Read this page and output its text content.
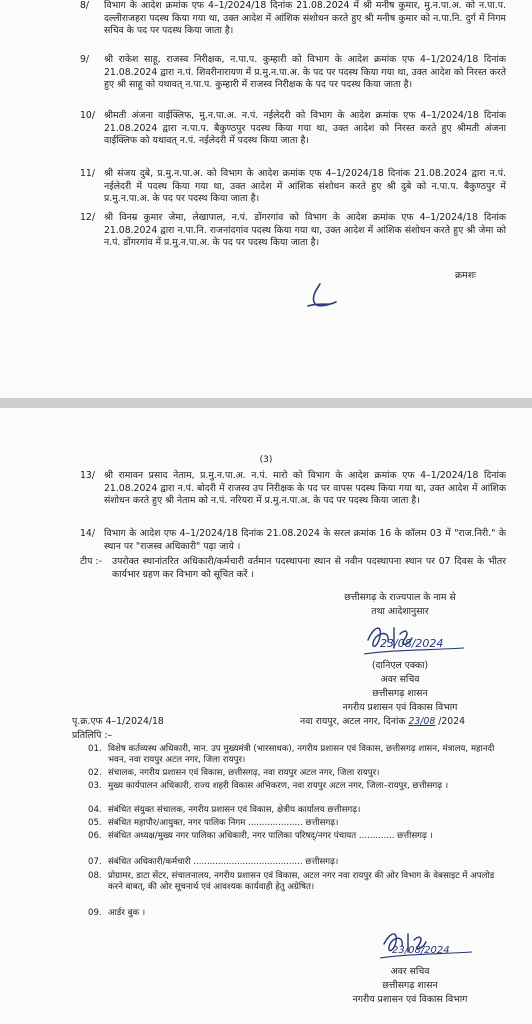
8/ विभाग के आदेश क्रमांक एफ 4–1/2024/18 दिनांक 21.08.2024 में श्री मनीष कुमार, मु.न.पा.अ. को न.पा.प. दल्लीराजहरा पदस्थ किया गया था, उक्त आदेश में आंशिक संशोधन करते हुए श्री मनीष कुमार को न.पा.नि. दुर्ग में निगम सचिव के पद पर पदस्थ किया जाता है।
9/ श्री राकेश साहू, राजस्व निरीक्षक, न.पा.प. कुम्हारी को विभाग के आदेश क्रमांक एफ 4–1/2024/18 दिनांक 21.08.2024 द्वारा न.पं. शिवरीनारायण में प्र.मु.न.पा.अ. के पद पर पदस्थ किया गया था, उक्त आदेश को निरस्त करते हुए श्री साहू को यथावत् न.पा.प. कुम्हारी में राजस्व निरीक्षक के पद पर पदस्थ किया जाता है।
10/ श्रीमती अंजना वाईक्लिफ, मु.न.पा.अ. न.पं. नईलेदरी को विभाग के आदेश क्रमांक एफ 4–1/2024/18 दिनांक 21.08.2024 द्वारा न.पा.प. बैकुण्ठपुर पदस्थ किया गया था, उक्त आदेश को निरस्त करते हुए श्रीमती अंजना वाईक्लिफ को यथावत् न.पं. नईलेदरी में पदस्थ किया जाता है।
11/ श्री संजय दुबे, प्र.मु.न.पा.अ. को विभाग के आदेश क्रमांक एफ 4–1/2024/18 दिनांक 21.08.2024 द्वारा न.पं. नईलेदरी में पदस्थ किया गया था, उक्त आदेश में आंशिक संशोधन करते हुए श्री दुबे को न.पा.प. बैकुण्ठपुर में प्र.मु.न.पा.अ. के पद पर पदस्थ किया जाता है।
12/ श्री विनम्र कुमार जेमा, लेखापाल, न.पं. डोंगरगांव को विभाग के आदेश क्रमांक एफ 4–1/2024/18 दिनांक 21.08.2024 द्वारा न.पा.नि. राजनांदगांव पदस्थ किया गया था, उक्त आदेश में आंशिक संशोधन करते हुए श्री जेमा को न.पं. डोंगरगांव में प्र.मु.न.पा.अ. के पद पर पदस्थ किया जाता है।
क्रमशः
(3)
13/ श्री रामावन प्रसाद नेताम, प्र.मु.न.पा.अ. न.पं. मारो को विभाग के आदेश क्रमांक एफ 4–1/2024/18 दिनांक 21.08.2024 द्वारा न.पं. बोदरी में राजस्व उप निरीक्षक के पद पर वापस पदस्थ किया गया था, उक्त आदेश में आंशिक संशोधन करते हुए श्री नेताम को न.पं. नरियरा में प्र.मु.न.पा.अ. के पद पर पदस्थ किया जाता है।
14/ विभाग के आदेश एफ 4–1/2024/18 दिनांक 21.08.2024 के सरल क्रमांक 16 के कॉलम 03 में "राज.निरी." के स्थान पर "राजस्व अधिकारी" पढ़ा जाये ।
टीप :- उपरोक्त स्थानांतरित अधिकारी/कर्मचारी वर्तमान पदस्थापना स्थान से नवीन पदस्थापना स्थान पर 07 दिवस के भीतर कार्यभार ग्रहण कर विभाग को सूचित करें ।
छत्तीसगढ़ के राज्यपाल के नाम से
तथा आदेशानुसार
23/08/2024
(दानिएल एक्का)
अवर सचिव
छत्तीसगढ़ शासन
नगरीय प्रशासन एवं विकास विभाग
पृ.क्र.एफ 4–1/2024/18	नवा रायपुर, अटल नगर, दिनांक 23/08 /2024
प्रतिलिपि :–
01. विशेष कर्तव्यस्थ अधिकारी, मान. उप मुख्यमंत्री (भारसाधक), नगरीय प्रशासन एवं विकास, छत्तीसगढ़ शासन, मंत्रालय, महानदी भवन, नवा रायपुर अटल नगर, जिला रायपुर।
02. संचालक, नगरीय प्रशासन एवं विकास, छत्तीसगढ़, नवा रायपुर अटल नगर, जिला रायपुर।
03. मुख्य कार्यपालन अधिकारी, राज्य शहरी विकास अभिकरण, नवा रायपुर अटल नगर, जिला–रायपुर, छत्तीसगढ़ ।
04. संबंधित संयुक्त संचालक, नगरीय प्रशासन एवं विकास, क्षेत्रीय कार्यालय छत्तीसगढ़।
05. संबंधित महापौर/आयुक्त, नगर पालिक निगम .................... छत्तीसगढ़।
06. संबंधित अध्यक्ष/मुख्य नगर पालिका अधिकारी, नगर पालिका परिषद्/नगर पंचायत ............. छत्तीसगढ़ ।
07. संबंधित अधिकारी/कर्मचारी ........................................ छत्तीसगढ़।
08. प्रोग्रामर, डाटा सेंटर, संचालनालय, नगरीय प्रशासन एवं विकास, अटल नगर नवा रायपुर की ओर विभाग के वेबसाइट में अपलोड करने बाबत्, की ओर सूचनार्थ एवं आवश्यक कार्यवाही हेतु अग्रेषित।
09. आर्डर बुक ।
23/08/2024
अवर सचिव
छत्तीसगढ़ शासन
नगरीय प्रशासन एवं विकास विभाग
